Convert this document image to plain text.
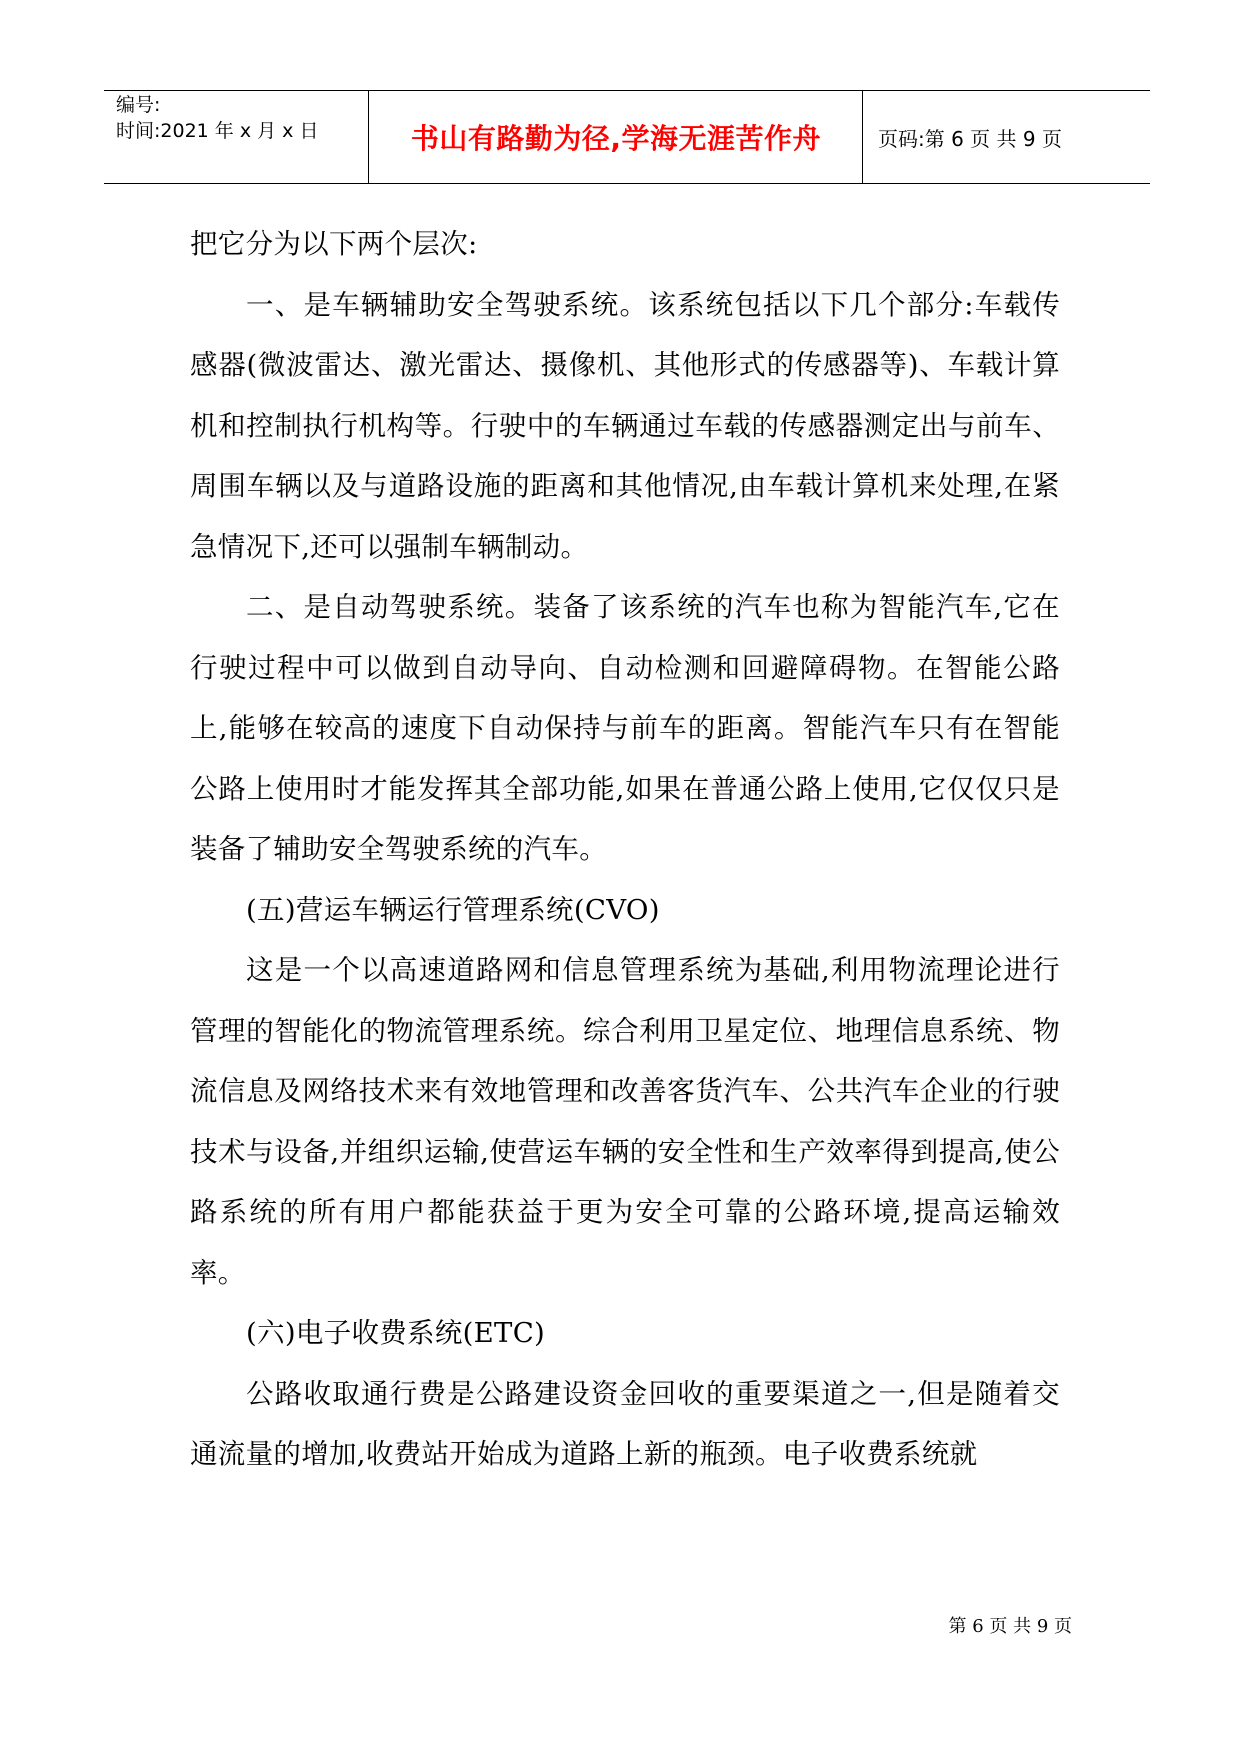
编号:
时间:2021 年 x 月 x 日	书山有路勤为径,学海无涯苦作舟	页码:第 6 页 共 9 页

把它分为以下两个层次:

一、是车辆辅助安全驾驶系统。该系统包括以下几个部分:车载传感器(微波雷达、激光雷达、摄像机、其他形式的传感器等)、车载计算机和控制执行机构等。行驶中的车辆通过车载的传感器测定出与前车、周围车辆以及与道路设施的距离和其他情况,由车载计算机来处理,在紧急情况下,还可以强制车辆制动。

二、是自动驾驶系统。装备了该系统的汽车也称为智能汽车,它在行驶过程中可以做到自动导向、自动检测和回避障碍物。在智能公路上,能够在较高的速度下自动保持与前车的距离。智能汽车只有在智能公路上使用时才能发挥其全部功能,如果在普通公路上使用,它仅仅只是装备了辅助安全驾驶系统的汽车。

(五)营运车辆运行管理系统(CVO)

这是一个以高速道路网和信息管理系统为基础,利用物流理论进行管理的智能化的物流管理系统。综合利用卫星定位、地理信息系统、物流信息及网络技术来有效地管理和改善客货汽车、公共汽车企业的行驶技术与设备,并组织运输,使营运车辆的安全性和生产效率得到提高,使公路系统的所有用户都能获益于更为安全可靠的公路环境,提高运输效率。

(六)电子收费系统(ETC)

公路收取通行费是公路建设资金回收的重要渠道之一,但是随着交通流量的增加,收费站开始成为道路上新的瓶颈。电子收费系统就

第 6 页 共 9 页
